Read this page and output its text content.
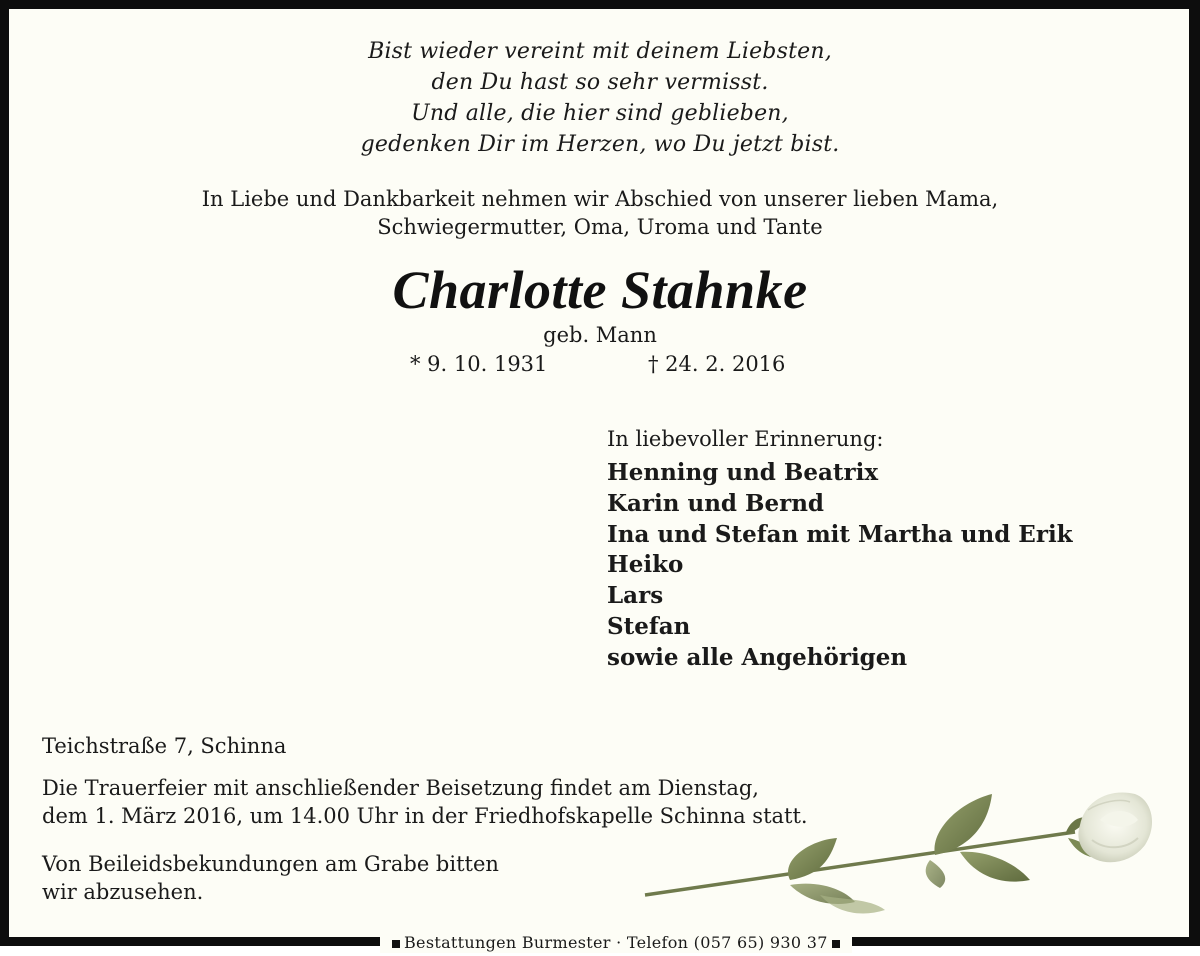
Bist wieder vereint mit deinem Liebsten,
den Du hast so sehr vermisst.
Und alle, die hier sind geblieben,
gedenken Dir im Herzen, wo Du jetzt bist.
In Liebe und Dankbarkeit nehmen wir Abschied von unserer lieben Mama,
Schwiegermutter, Oma, Uroma und Tante
Charlotte Stahnke
geb. Mann
* 9. 10. 1931	† 24. 2. 2016
In liebevoller Erinnerung:
Henning und Beatrix
Karin und Bernd
Ina und Stefan mit Martha und Erik
Heiko
Lars
Stefan
sowie alle Angehörigen
Teichstraße 7, Schinna
Die Trauerfeier mit anschließender Beisetzung findet am Dienstag,
dem 1. März 2016, um 14.00 Uhr in der Friedhofskapelle Schinna statt.
Von Beileidsbekundungen am Grabe bitten
wir abzusehen.
Bestattungen Burmester · Telefon (057 65) 930 37
